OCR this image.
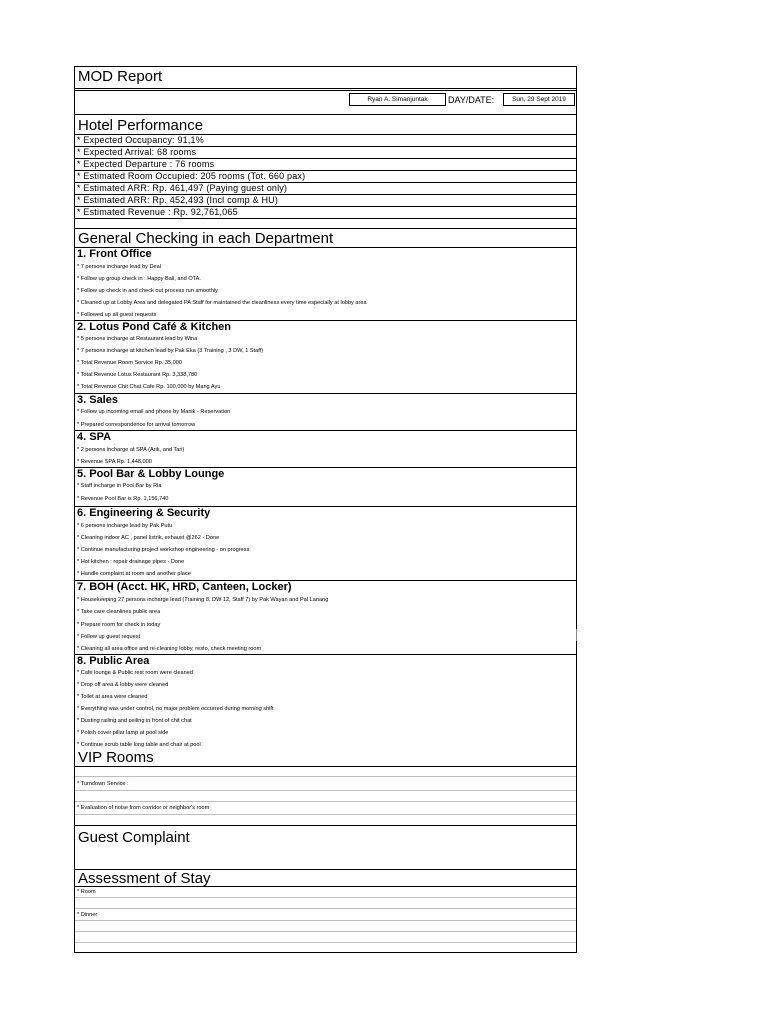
MOD Report
Ryan A. Simanjuntak	DAY/DATE:	Sun, 29 Sept 2019
Hotel Performance
* Expected Occupancy: 91,1%
* Expected Arrival: 68 rooms
* Expected Departure : 76 rooms
* Estimated Room Occupied: 205 rooms (Tot. 660 pax)
* Estimated ARR: Rp. 461,497 (Paying guest only)
* Estimated ARR: Rp. 452,493 (Incl comp & HU)
* Estimated Revenue : Rp. 92,761,065
General Checking in each Department
1. Front Office
* 7 persons incharge lead by Deal
* Follow up group check in : Happy Bali, and OTA.
* Follow up check in and check out process run smoothly
* Cleaned up at Lobby Area and delegated PA Staff for maintained the cleanliness every time especially at lobby area
* Followed up all guest requests
2. Lotus Pond Café & Kitchen
* 5 persons incharge at Restaurant lead by Wina
* 7 persons incharge at kitchen lead by Pak Eka (3 Training , 3 DW, 1 Staff)
* Total Revenue Room Service Rp. 35,000
* Total Revenue Lotus Restaurant Rp. 3,338,780
* Total Revenue Chit Chat Cafe Rp. 100,000 by Mang Ayu
3. Sales
* Follow up incoming email and phone by Manik - Reservation
* Prepared correspondence for arrival tomorrow
4. SPA
* 2 persons incharge at SPA (Arik, and Tari)
* Revenue SPA Rp. 1,448,000
5. Pool Bar & Lobby Lounge
* Staff incharge in Pool Bar by Ria
* Revenue Pool Bar is Rp. 1,156,740
6. Engineering & Security
* 6 persons incharge lead by Pak Putu
* Cleaning indoor AC , panel listrik, exhaust @262 - Done
* Continue manufacturing project workshop engineering - on progress
* Hot kitchen : repair drainage pipes - Done
* Handle complaint at room and another place
7. BOH (Acct. HK, HRD, Canteen, Locker)
* Housekeeping 27 persons incharge lead (Training 8, DW 12, Staff 7) by Pak Wayan and Pal Lanang
* Take care cleanlines public area
* Prepare room for check in today
* Follow up guest request
* Cleaning all area office and re-cleaning lobby, resto, check meeting room
8. Public Area
* Café lounge & Public rest room were cleaned
* Drop off area & lobby were cleaned
* Toilet at area were cleaned
* Everything was under control, no major problem occurred during morning shift
* Dusting railing and ceiling in front of chit chat
* Polish cover pillar lamp at pool side
* Continue scrub table long table and chair at pool
VIP Rooms
* Turndown Service :
* Evaluation of noise from corridor or neighbor's room
Guest Complaint
Assessment of Stay
* Room
* Dinner
